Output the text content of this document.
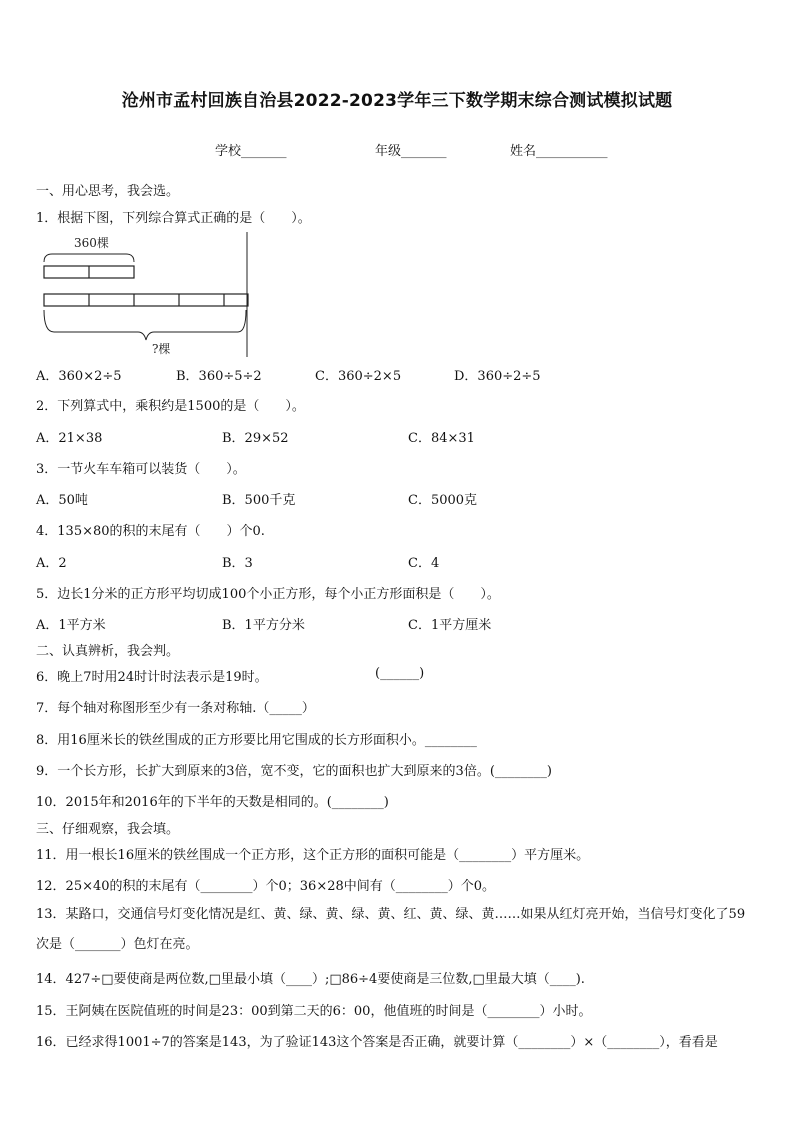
沧州市孟村回族自治县2022-2023学年三下数学期末综合测试模拟试题
学校_______	年级_______	姓名___________
一、用心思考，我会选。
1．根据下图，下列综合算式正确的是（　　）。
360棵
?棵
A．360×2÷5	B．360÷5÷2	C．360÷2×5	D．360÷2÷5
2．下列算式中，乘积约是1500的是（　　）。
A．21×38	B．29×52	C．84×31
3．一节火车车箱可以装货（　　）。
A．50吨	B．500千克	C．5000克
4．135×80的积的末尾有（　　）个0.
A．2	B．3	C．4
5．边长1分米的正方形平均切成100个小正方形，每个小正方形面积是（　　）。
A．1平方米	B．1平方分米	C．1平方厘米
二、认真辨析，我会判。
6．晚上7时用24时计时法表示是19时。	(______)
7．每个轴对称图形至少有一条对称轴.（_____）
8．用16厘米长的铁丝围成的正方形要比用它围成的长方形面积小。________
9．一个长方形，长扩大到原来的3倍，宽不变，它的面积也扩大到原来的3倍。(________)
10．2015年和2016年的下半年的天数是相同的。(________)
三、仔细观察，我会填。
11．用一根长16厘米的铁丝围成一个正方形，这个正方形的面积可能是（________）平方厘米。
12．25×40的积的末尾有（________）个0；36×28中间有（________）个0。
13．某路口，交通信号灯变化情况是红、黄、绿、黄、绿、黄、红、黄、绿、黄……如果从红灯亮开始，当信号灯变化了59次是（_______）色灯在亮。
14．427÷□要使商是两位数,□里最小填（____）;□86÷4要使商是三位数,□里最大填（____).
15．王阿姨在医院值班的时间是23：00到第二天的6：00，他值班的时间是（________）小时。
16．已经求得1001÷7的答案是143，为了验证143这个答案是否正确，就要计算（________）×（________），看看是
